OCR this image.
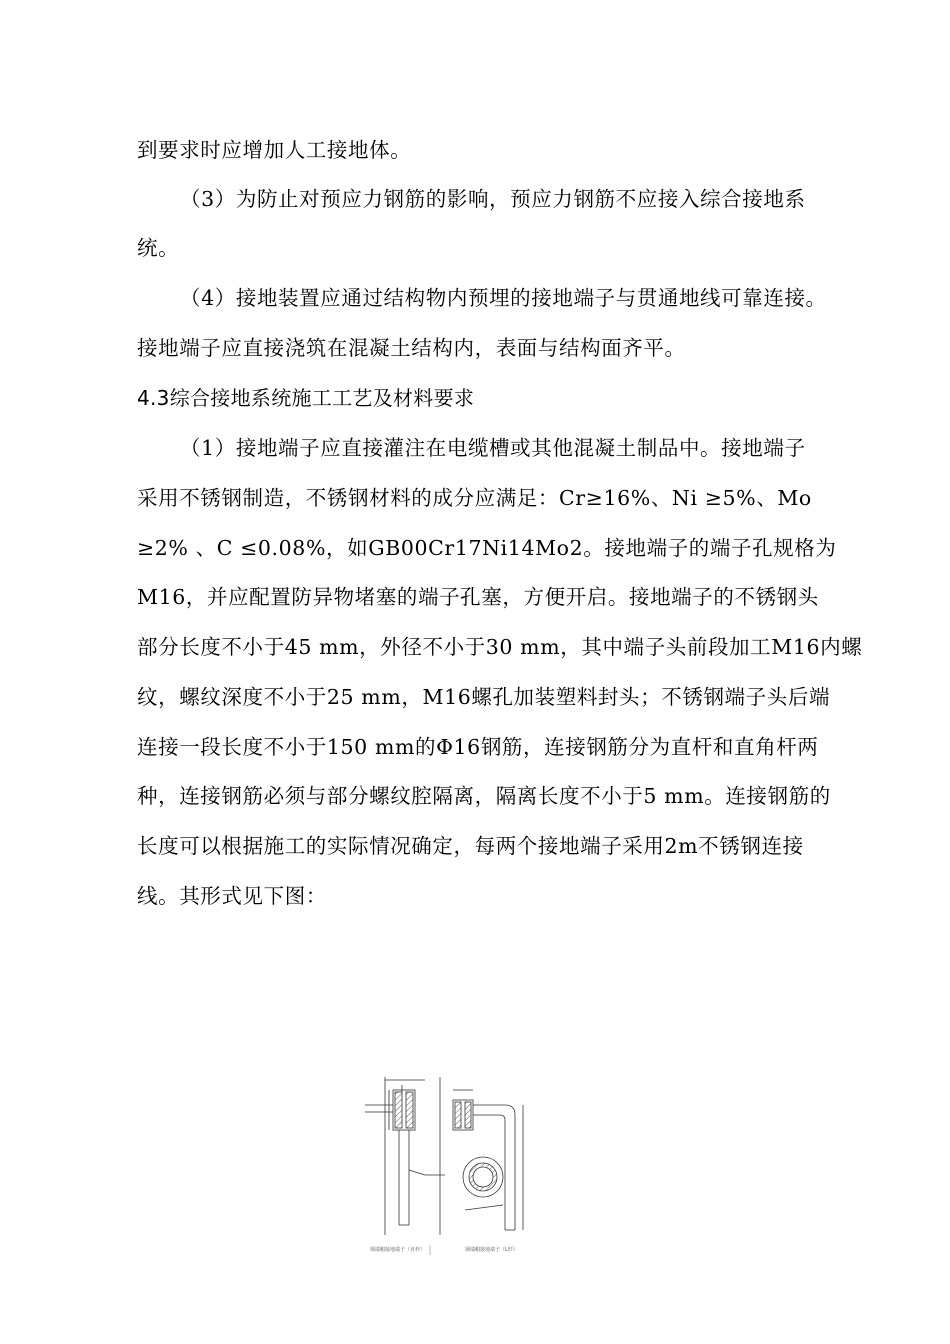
到要求时应增加人工接地体。
（3）为防止对预应力钢筋的影响，预应力钢筋不应接入综合接地系
统。
（4）接地装置应通过结构物内预埋的接地端子与贯通地线可靠连接。
接地端子应直接浇筑在混凝土结构内，表面与结构面齐平。
4.3综合接地系统施工工艺及材料要求
（1）接地端子应直接灌注在电缆槽或其他混凝土制品中。接地端子
采用不锈钢制造，不锈钢材料的成分应满足：Cr≥16%、Ni ≥5%、Mo
≥2% 、C ≤0.08%，如GB00Cr17Ni14Mo2。接地端子的端子孔规格为
M16，并应配置防异物堵塞的端子孔塞，方便开启。接地端子的不锈钢头
部分长度不小于45 mm，外径不小于30 mm，其中端子头前段加工M16内螺
纹，螺纹深度不小于25 mm，M16螺孔加装塑料封头；不锈钢端子头后端
连接一段长度不小于150 mm的Φ16钢筋，连接钢筋分为直杆和直角杆两
种，连接钢筋必须与部分螺纹腔隔离，隔离长度不小于5 mm。连接钢筋的
长度可以根据施工的实际情况确定，每两个接地端子采用2m不锈钢连接
线。其形式见下图：
钢端帽接地端子（直杆）	钢端帽接地端子（L形）
